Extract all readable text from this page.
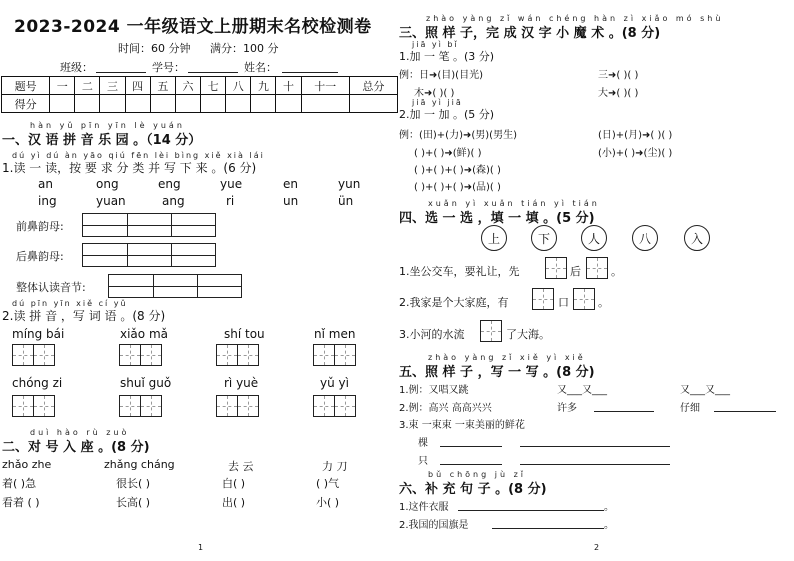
2023-2024 一年级语文上册期末名校检测卷
时间：60 分钟 满分：100 分
班级：	学号：	姓名：
题号	一	二	三	四	五	六	七	八	九	十	十一	总分
得分												
hàn yǔ pīn yīn lè yuán
一、汉 语 拼 音 乐 园 。（14 分）
dú yì dú àn yāo qiú fēn lèi bìng xiě xià lái
1.读 一 读，按 要 求 分 类 并 写 下 来 。(6 分)
an	ong	eng	yue	en	yun
ing	yuan	ang	ri	un	ün
前鼻韵母:
后鼻韵母:
整体认读音节:
dú pīn yīn xiě cí yǔ
2.读 拼 音 ，写 词 语 。(8 分)
míng bái	xiǎo mǎ	shí tou	nǐ men
chóng zi	shuǐ guǒ	rì yuè	yǔ yì
duì hào rù zuò
二、对 号 入 座 。(8 分)
zhǎo zhe	zhǎng cháng	去 云	力 刀
着( )急	很长( )	白( )	( )气
看着 ( )	长高( )	出( )	小( )
1
zhào yàng zǐ wán chéng hàn zì xiǎo mó shù
三、照 样 子，完 成 汉 字 小 魔 术 。(8 分)
jiā yì bǐ
1.加 一 笔 。(3 分)
例：日➜(目)(目光)	三➜( )( )
木➜( )( )	大➜( )( )
jiā yì jiā
2.加 一 加 。(5 分)
例：(田)+(力)➜(男)(男生)	(日)+(月)➜( )( )
( )+( )➜(鲜)( )	(小)+( )➜(尘)( )
( )+( )+( )➜(森)( )
( )+( )+( )➜(品)( )
xuǎn yì xuǎn tián yì tián
四、选 一 选 ，填 一 填 。(5 分)
上	下	人	八	入
1.坐公交车，要礼让，先	后	。
2.我家是个大家庭，有	口	。
3.小河的水流	了大海。
zhào yàng zǐ xiě yì xiě
五、照 样 子 ，写 一 写 。(8 分)
1.例：又唱又跳	又___又___	又___又___
2.例：高兴 高高兴兴	许多	仔细
3.束 一束束 一束美丽的鲜花
棵
只
bǔ chōng jù zǐ
六、补 充 句 子 。(8 分)
1.这件衣服	。
2.我国的国旗是	。
2
